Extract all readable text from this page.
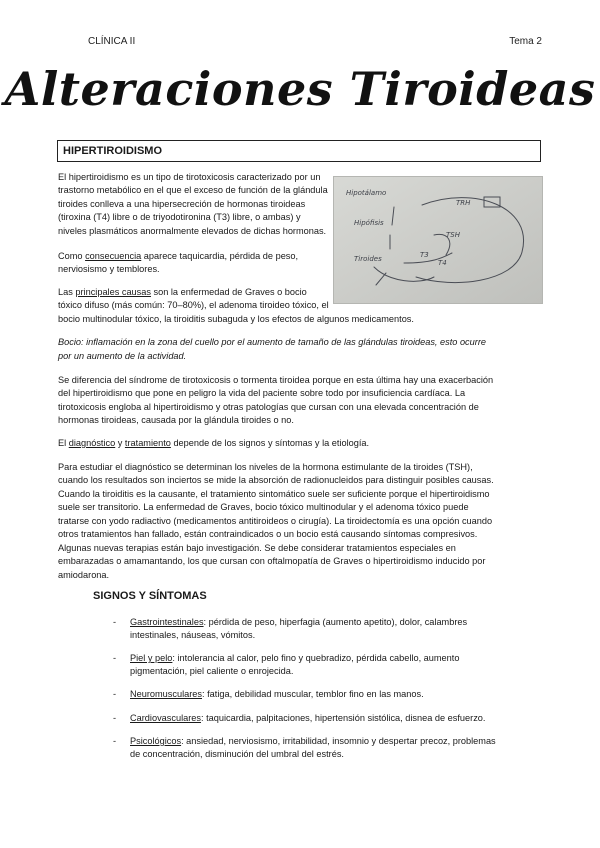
CLÍNICA II	Tema 2
Alteraciones Tiroideas
HIPERTIROIDISMO

El hipertiroidismo es un tipo de tirotoxicosis caracterizado por un

trastorno metabólico en el que el exceso de función de la glándula

tiroides conlleva a una hipersecreción de hormonas tiroideas

(tiroxina (T4) libre o de triyodotironina (T3) libre, o ambas) y

niveles plasmáticos anormalmente elevados de dichas hormonas.

Como consecuencia aparece taquicardia, pérdida de peso,

nerviosismo y temblores.

Las principales causas son la enfermedad de Graves o bocio

tóxico difuso (más común: 70–80%), el adenoma tiroideo tóxico, el

bocio multinodular tóxico, la tiroiditis subaguda y los efectos de algunos medicamentos.

Hipotálamo
TRH
Hipófisis
TSH
Tiroides	T3
T4

Bocio: inflamación en la zona del cuello por el aumento de tamaño de las glándulas tiroideas, esto ocurre

por un aumento de la actividad.

Se diferencia del síndrome de tirotoxicosis o tormenta tiroidea porque en esta última hay una exacerbación

del hipertiroidismo que pone en peligro la vida del paciente sobre todo por insuficiencia cardíaca. La

tirotoxicosis engloba al hipertiroidismo y otras patologías que cursan con una elevada concentración de

hormonas tiroideas, causada por la glándula tiroides o no.

El diagnóstico y tratamiento depende de los signos y síntomas y la etiología.

Para estudiar el diagnóstico se determinan los niveles de la hormona estimulante de la tiroides (TSH),

cuando los resultados son inciertos se mide la absorción de radionucleidos para distinguir posibles causas.

Cuando la tiroiditis es la causante, el tratamiento sintomático suele ser suficiente porque el hipertiroidismo

suele ser transitorio. La enfermedad de Graves, bocio tóxico multinodular y el adenoma tóxico puede

tratarse con yodo radiactivo (medicamentos antitiroideos o cirugía). La tiroidectomía es una opción cuando

otros tratamientos han fallado, están contraindicados o un bocio está causando síntomas compresivos.

Algunas nuevas terapias están bajo investigación. Se debe considerar tratamientos especiales en

embarazadas o amamantando, los que cursan con oftalmopatía de Graves o hipertiroidismo inducido por

amiodarona.

SIGNOS Y SÍNTOMAS
- Gastrointestinales: pérdida de peso, hiperfagia (aumento apetito), dolor, calambres
intestinales, náuseas, vómitos.
- Piel y pelo: intolerancia al calor, pelo fino y quebradizo, pérdida cabello, aumento
pigmentación, piel caliente o enrojecida.
- Neuromusculares: fatiga, debilidad muscular, temblor fino en las manos.
- Cardiovasculares: taquicardia, palpitaciones, hipertensión sistólica, disnea de esfuerzo.
- Psicológicos: ansiedad, nerviosismo, irritabilidad, insomnio y despertar precoz, problemas
de concentración, disminución del umbral del estrés.
